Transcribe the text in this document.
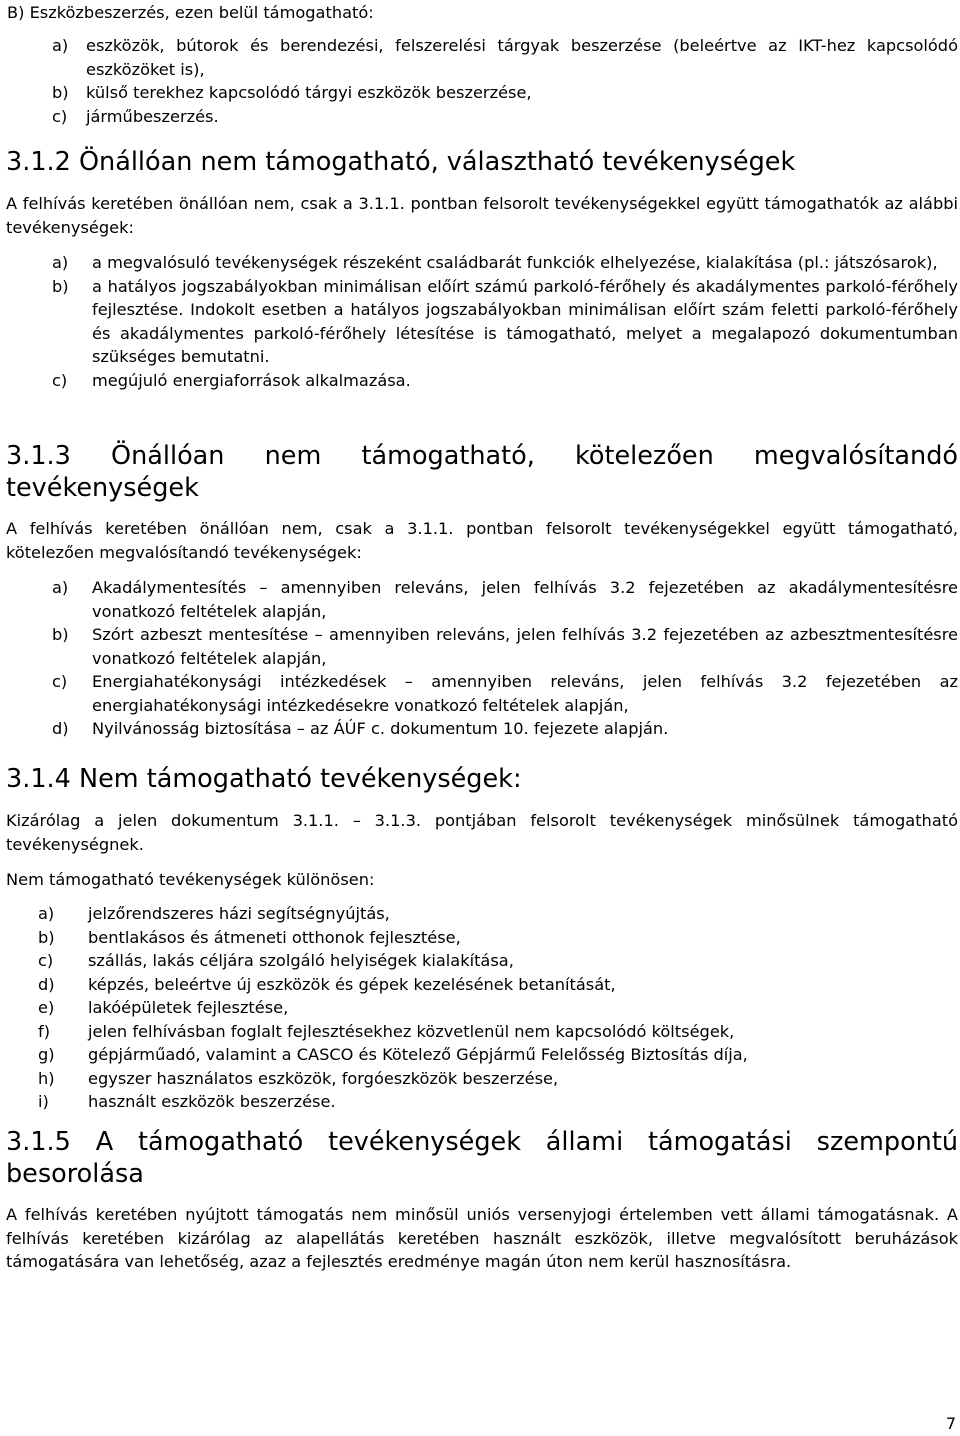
B) Eszközbeszerzés, ezen belül támogatható:

a)	eszközök, bútorok és berendezési, felszerelési tárgyak beszerzése (beleértve az IKT-hez kapcsolódó eszközöket is),
b)	külső terekhez kapcsolódó tárgyi eszközök beszerzése,
c)	járműbeszerzés.
3.1.2 Önállóan nem támogatható, választható tevékenységek

A felhívás keretében önállóan nem, csak a 3.1.1. pontban felsorolt tevékenységekkel együtt támogathatók az alábbi tevékenységek:

a)	a megvalósuló tevékenységek részeként családbarát funkciók elhelyezése, kialakítása (pl.: játszósarok),
b)	a hatályos jogszabályokban minimálisan előírt számú parkoló-férőhely és akadálymentes parkoló-férőhely fejlesztése. Indokolt esetben a hatályos jogszabályokban minimálisan előírt szám feletti parkoló-férőhely és akadálymentes parkoló-férőhely létesítése is támogatható, melyet a megalapozó dokumentumban szükséges bemutatni.
c)	megújuló energiaforrások alkalmazása.
3.1.3 Önállóan nem támogatható, kötelezően megvalósítandó tevékenységek

A felhívás keretében önállóan nem, csak a 3.1.1. pontban felsorolt tevékenységekkel együtt támogatható, kötelezően megvalósítandó tevékenységek:

a)	Akadálymentesítés – amennyiben releváns, jelen felhívás 3.2 fejezetében az akadálymentesítésre vonatkozó feltételek alapján,
b)	Szórt azbeszt mentesítése – amennyiben releváns, jelen felhívás 3.2 fejezetében az azbesztmentesítésre vonatkozó feltételek alapján,
c)	Energiahatékonysági intézkedések – amennyiben releváns, jelen felhívás 3.2 fejezetében az energiahatékonysági intézkedésekre vonatkozó feltételek alapján,
d)	Nyilvánosság biztosítása – az ÁÚF c. dokumentum 10. fejezete alapján.
3.1.4 Nem támogatható tevékenységek:

Kizárólag a jelen dokumentum 3.1.1. – 3.1.3. pontjában felsorolt tevékenységek minősülnek támogatható tevékenységnek.

Nem támogatható tevékenységek különösen:

a)	jelzőrendszeres házi segítségnyújtás,
b)	bentlakásos és átmeneti otthonok fejlesztése,
c)	szállás, lakás céljára szolgáló helyiségek kialakítása,
d)	képzés, beleértve új eszközök és gépek kezelésének betanítását,
e)	lakóépületek fejlesztése,
f)	jelen felhívásban foglalt fejlesztésekhez közvetlenül nem kapcsolódó költségek,
g)	gépjárműadó, valamint a CASCO és Kötelező Gépjármű Felelősség Biztosítás díja,
h)	egyszer használatos eszközök, forgóeszközök beszerzése,
i)	használt eszközök beszerzése.
3.1.5 A támogatható tevékenységek állami támogatási szempontú besorolása

A felhívás keretében nyújtott támogatás nem minősül uniós versenyjogi értelemben vett állami támogatásnak. A felhívás keretében kizárólag az alapellátás keretében használt eszközök, illetve megvalósított beruházások támogatására van lehetőség, azaz a fejlesztés eredménye magán úton nem kerül hasznosításra.

7
